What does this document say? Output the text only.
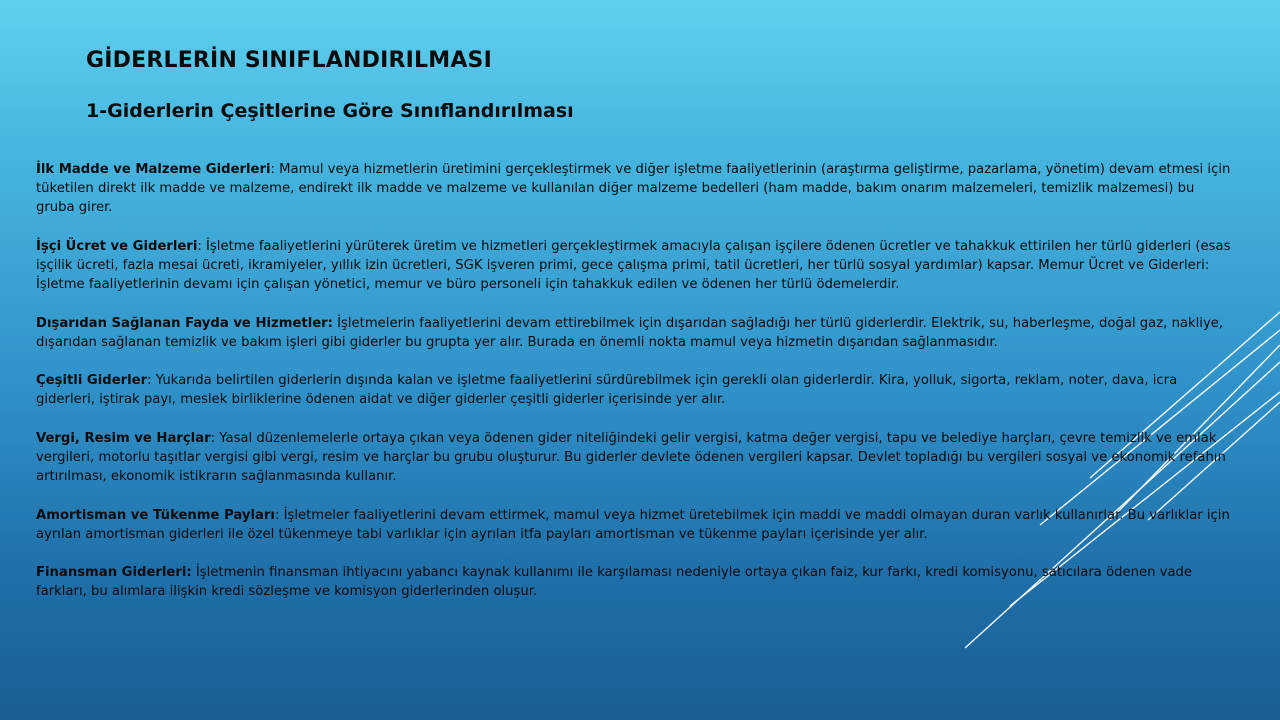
GİDERLERİN SINIFLANDIRILMASI
1-Giderlerin Çeşitlerine Göre Sınıflandırılması

İlk Madde ve Malzeme Giderleri: Mamul veya hizmetlerin üretimini gerçekleştirmek ve diğer işletme faaliyetlerinin (araştırma geliştirme, pazarlama, yönetim) devam etmesi için tüketilen direkt ilk madde ve malzeme, endirekt ilk madde ve malzeme ve kullanılan diğer malzeme bedelleri (ham madde, bakım onarım malzemeleri, temizlik malzemesi) bu gruba girer.

İşçi Ücret ve Giderleri: İşletme faaliyetlerini yürüterek üretim ve hizmetleri gerçekleştirmek amacıyla çalışan işçilere ödenen ücretler ve tahakkuk ettirilen her türlü giderleri (esas işçilik ücreti, fazla mesai ücreti, ikramiyeler, yıllık izin ücretleri, SGK işveren primi, gece çalışma primi, tatil ücretleri, her türlü sosyal yardımlar) kapsar. Memur Ücret ve Giderleri: İşletme faaliyetlerinin devamı için çalışan yönetici, memur ve büro personeli için tahakkuk edilen ve ödenen her türlü ödemelerdir.

Dışarıdan Sağlanan Fayda ve Hizmetler: İşletmelerin faaliyetlerini devam ettirebilmek için dışarıdan sağladığı her türlü giderlerdir. Elektrik, su, haberleşme, doğal gaz, nakliye, dışarıdan sağlanan temizlik ve bakım işleri gibi giderler bu grupta yer alır. Burada en önemli nokta mamul veya hizmetin dışarıdan sağlanmasıdır.

Çeşitli Giderler: Yukarıda belirtilen giderlerin dışında kalan ve işletme faaliyetlerini sürdürebilmek için gerekli olan giderlerdir. Kira, yolluk, sigorta, reklam, noter, dava, icra giderleri, iştirak payı, meslek birliklerine ödenen aidat ve diğer giderler çeşitli giderler içerisinde yer alır.

Vergi, Resim ve Harçlar: Yasal düzenlemelerle ortaya çıkan veya ödenen gider niteliğindeki gelir vergisi, katma değer vergisi, tapu ve belediye harçları, çevre temizlik ve emlak vergileri, motorlu taşıtlar vergisi gibi vergi, resim ve harçlar bu grubu oluşturur. Bu giderler devlete ödenen vergileri kapsar. Devlet topladığı bu vergileri sosyal ve ekonomik refahın artırılması, ekonomik istikrarın sağlanmasında kullanır.

Amortisman ve Tükenme Payları: İşletmeler faaliyetlerini devam ettirmek, mamul veya hizmet üretebilmek için maddi ve maddi olmayan duran varlık kullanırlar. Bu varlıklar için ayrılan amortisman giderleri ile özel tükenmeye tabi varlıklar için ayrılan itfa payları amortisman ve tükenme payları içerisinde yer alır.

Finansman Giderleri: İşletmenin finansman ihtiyacını yabancı kaynak kullanımı ile karşılaması nedeniyle ortaya çıkan faiz, kur farkı, kredi komisyonu, satıcılara ödenen vade farkları, bu alımlara ilişkin kredi sözleşme ve komisyon giderlerinden oluşur.
